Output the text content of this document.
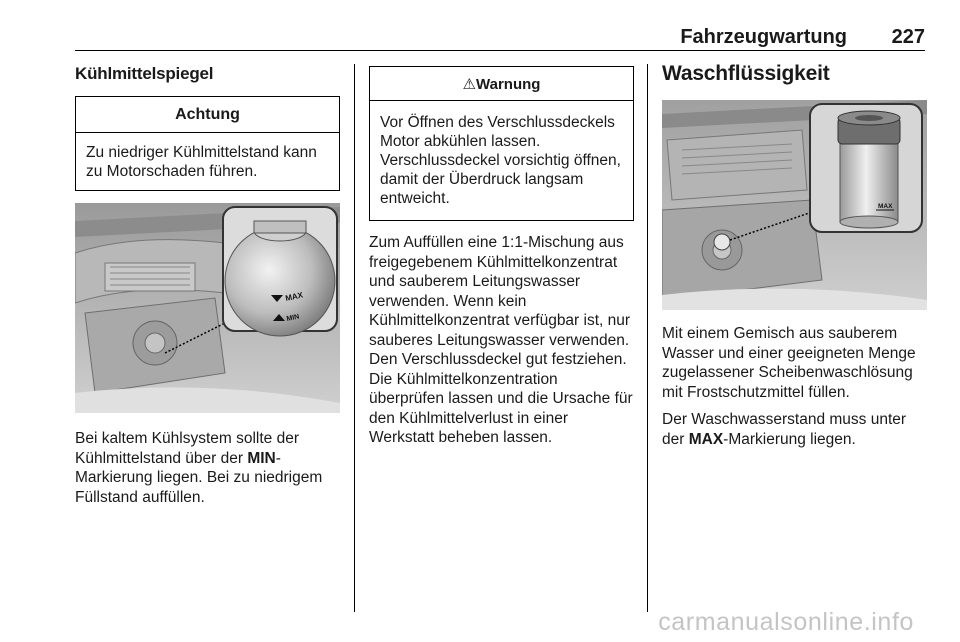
Fahrzeugwartung 227
Kühlmittelspiegel
Achtung
Zu niedriger Kühlmittelstand kann zu Motorschaden führen.
MAX
MIN

Bei kaltem Kühlsystem sollte der Kühlmittelstand über der MIN-Markierung liegen. Bei zu niedrigem Füllstand auffüllen.

⚠Warnung
Vor Öffnen des Verschlussdeckels Motor abkühlen lassen. Verschlussdeckel vorsichtig öffnen, damit der Überdruck langsam entweicht.

Zum Auffüllen eine 1:1-Mischung aus freigegebenem Kühlmittelkonzentrat und sauberem Leitungswasser verwenden. Wenn kein Kühlmittelkonzentrat verfügbar ist, nur sauberes Leitungswasser verwenden. Den Verschlussdeckel gut festziehen. Die Kühlmittelkonzentration überprüfen lassen und die Ursache für den Kühlmittelverlust in einer Werkstatt beheben lassen.

Waschflüssigkeit
MAX

Mit einem Gemisch aus sauberem Wasser und einer geeigneten Menge zugelassener Scheibenwaschlösung mit Frostschutzmittel füllen.

Der Waschwasserstand muss unter der MAX-Markierung liegen.

carmanualsonline.info
